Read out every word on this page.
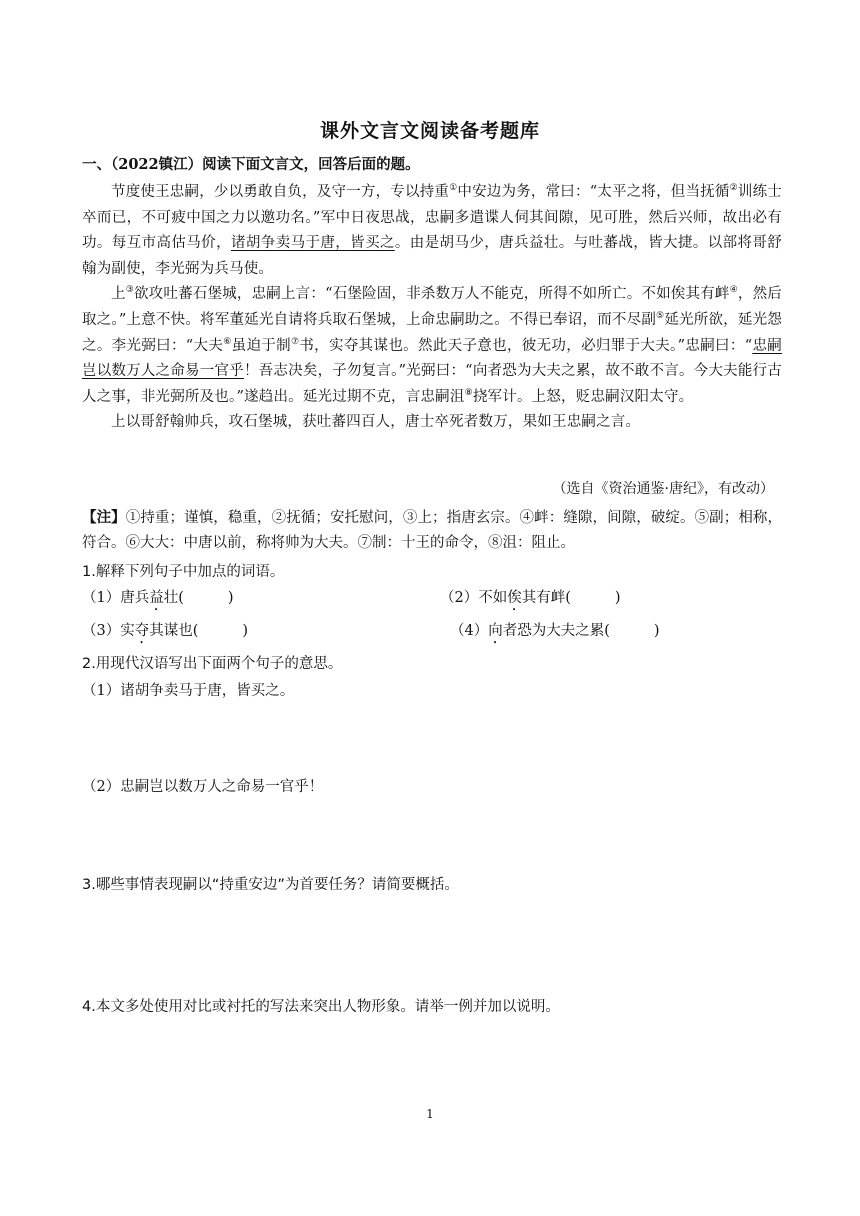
课外文言文阅读备考题库
一、（2022镇江）阅读下面文言文，回答后面的题。

节度使王忠嗣，少以勇敢自负，及守一方，专以持重①中安边为务，常曰：“太平之将，但当抚循②训练士卒而已，不可疲中国之力以邀功名。”军中日夜思战，忠嗣多遣谍人伺其间隙，见可胜，然后兴师，故出必有功。每互市高估马价，诸胡争卖马于唐，皆买之。由是胡马少，唐兵益壮。与吐蕃战，皆大捷。以部将哥舒翰为副使，李光弼为兵马使。

上③欲攻吐蕃石堡城，忠嗣上言：“石堡险固，非杀数万人不能克，所得不如所亡。不如俟其有衅④，然后取之。”上意不快。将军董延光自请将兵取石堡城，上命忠嗣助之。不得已奉诏，而不尽副⑤延光所欲，延光怨之。李光弼曰：“大夫⑥虽迫于制⑦书，实夺其谋也。然此天子意也，彼无功，必归罪于大夫。”忠嗣曰：“忠嗣岂以数万人之命易一官乎！吾志决矣，子勿复言。”光弼曰：“向者恐为大夫之累，故不敢不言。今大夫能行古人之事，非光弼所及也。”遂趋出。延光过期不克，言忠嗣沮⑧挠军计。上怒，贬忠嗣汉阳太守。

上以哥舒翰帅兵，攻石堡城，获吐蕃四百人，唐士卒死者数万，果如王忠嗣之言。

（选自《资治通鉴·唐纪》，有改动）
【注】①持重；谨慎，稳重，②抚循；安托慰问，③上；指唐玄宗。④衅：缝隙，间隙，破绽。⑤副；相称，符合。⑥大大：中唐以前，称将帅为大夫。⑦制：十王的命令，⑧沮：阻止。
1.解释下列句子中加点的词语。
（1）唐兵益壮(	)	（2）不如俟其有衅(	)
（3）实夺其谋也(	)	（4）向者恐为大夫之累(	)
2.用现代汉语写出下面两个句子的意思。
（1）诸胡争卖马于唐，皆买之。
（2）忠嗣岂以数万人之命易一官乎！
3.哪些事情表现嗣以“持重安边”为首要任务？请简要概括。
4.本文多处使用对比或衬托的写法来突出人物形象。请举一例并加以说明。
1
